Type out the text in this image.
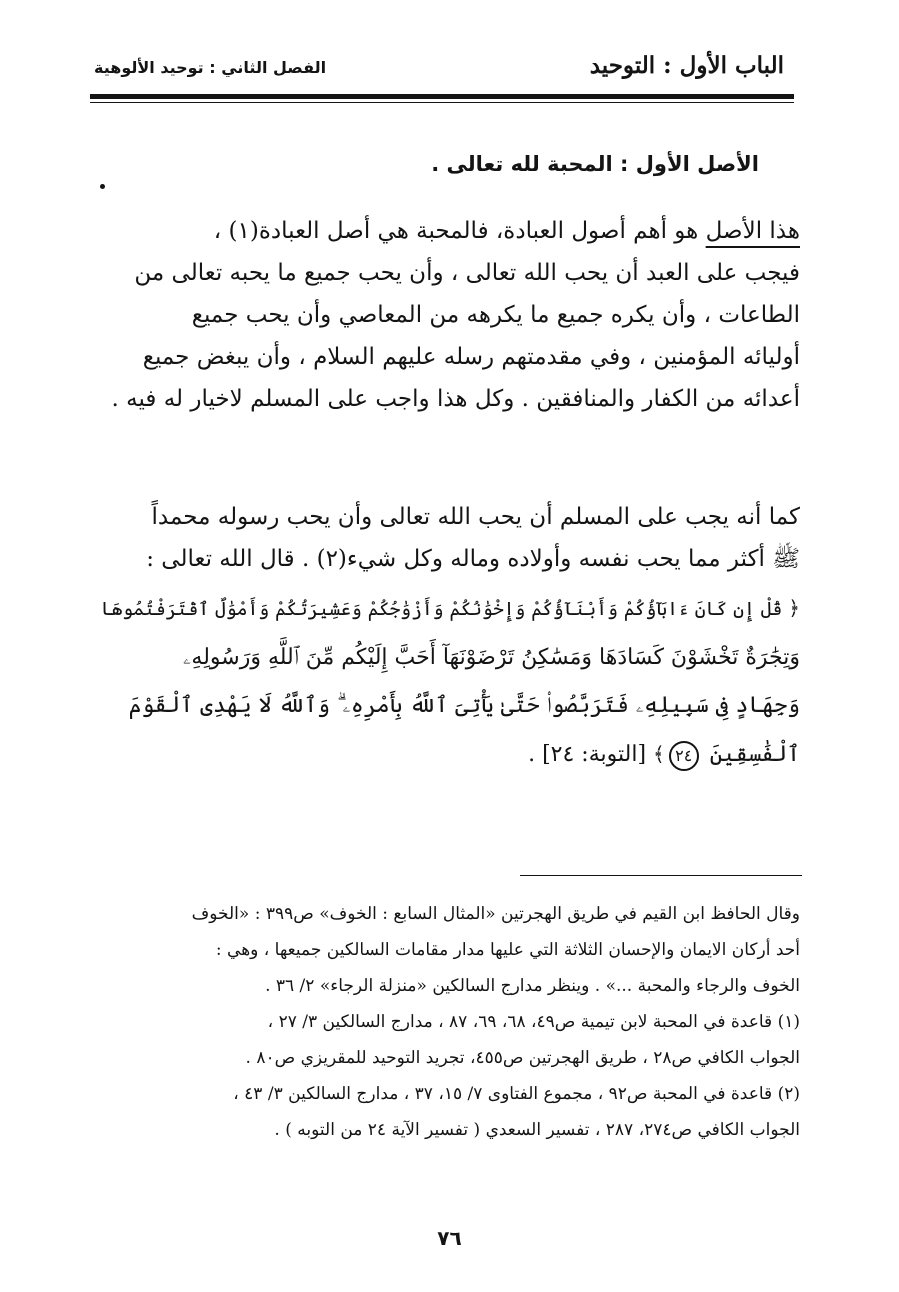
الباب الأول : التوحيد
الفصل الثاني : توحيد الألوهية
الأصل الأول : المحبة لله تعالى .
هذا الأصل هو أهم أصول العبادة، فالمحبة هي أصل العبادة(١) ،
فيجب على العبد أن يحب الله تعالى ، وأن يحب جميع ما يحبه تعالى من
الطاعات ، وأن يكره جميع ما يكرهه من المعاصي وأن يحب جميع
أوليائه المؤمنين ، وفي مقدمتهم رسله عليهم السلام ، وأن يبغض جميع
أعدائه من الكفار والمنافقين . وكل هذا واجب على المسلم لاخيار له فيه .
كما أنه يجب على المسلم أن يحب الله تعالى وأن يحب رسوله محمداً
ﷺ أكثر مما يحب نفسه وأولاده وماله وكل شيء(٢) . قال الله تعالى :
﴿ قُلْ إِن كَانَ ءَابَآؤُكُمْ وَأَبْنَآؤُكُمْ وَإِخْوَٰنُكُمْ وَأَزْوَٰجُكُمْ وَعَشِيرَتُكُمْ وَأَمْوَٰلٌ ٱقْتَرَفْتُمُوهَا
وَتِجَٰرَةٌ تَخْشَوْنَ كَسَادَهَا وَمَسَٰكِنُ تَرْضَوْنَهَآ أَحَبَّ إِلَيْكُم مِّنَ ٱللَّهِ وَرَسُولِهِۦ
وَجِهَادٍ فِى سَبِيلِهِۦ فَتَرَبَّصُوا۟ حَتَّىٰ يَأْتِىَ ٱللَّهُ بِأَمْرِهِۦ ۗ وَٱللَّهُ لَا يَهْدِى ٱلْقَوْمَ
ٱلْفَٰسِقِينَ ٢٤﴾ [التوبة: ٢٤] .
وقال الحافظ ابن القيم في طريق الهجرتين «المثال السابع : الخوف» ص٣٩٩ : «الخوف
أحد أركان الايمان والإحسان الثلاثة التي عليها مدار مقامات السالكين جميعها ، وهي :
الخوف والرجاء والمحبة ...» . وينظر مدارج السالكين «منزلة الرجاء» ٢/ ٣٦ .
(١) قاعدة في المحبة لابن تيمية ص٤٩، ٦٨، ٦٩، ٨٧ ، مدارج السالكين ٣/ ٢٧ ،
الجواب الكافي ص٢٨ ، طريق الهجرتين ص٤٥٥، تجريد التوحيد للمقريزي ص٨٠ .
(٢) قاعدة في المحبة ص٩٢ ، مجموع الفتاوى ٧/ ١٥، ٣٧ ، مدارج السالكين ٣/ ٤٣ ،
الجواب الكافي ص٢٧٤، ٢٨٧ ، تفسير السعدي ( تفسير الآية ٢٤ من التوبه ) .
٧٦
